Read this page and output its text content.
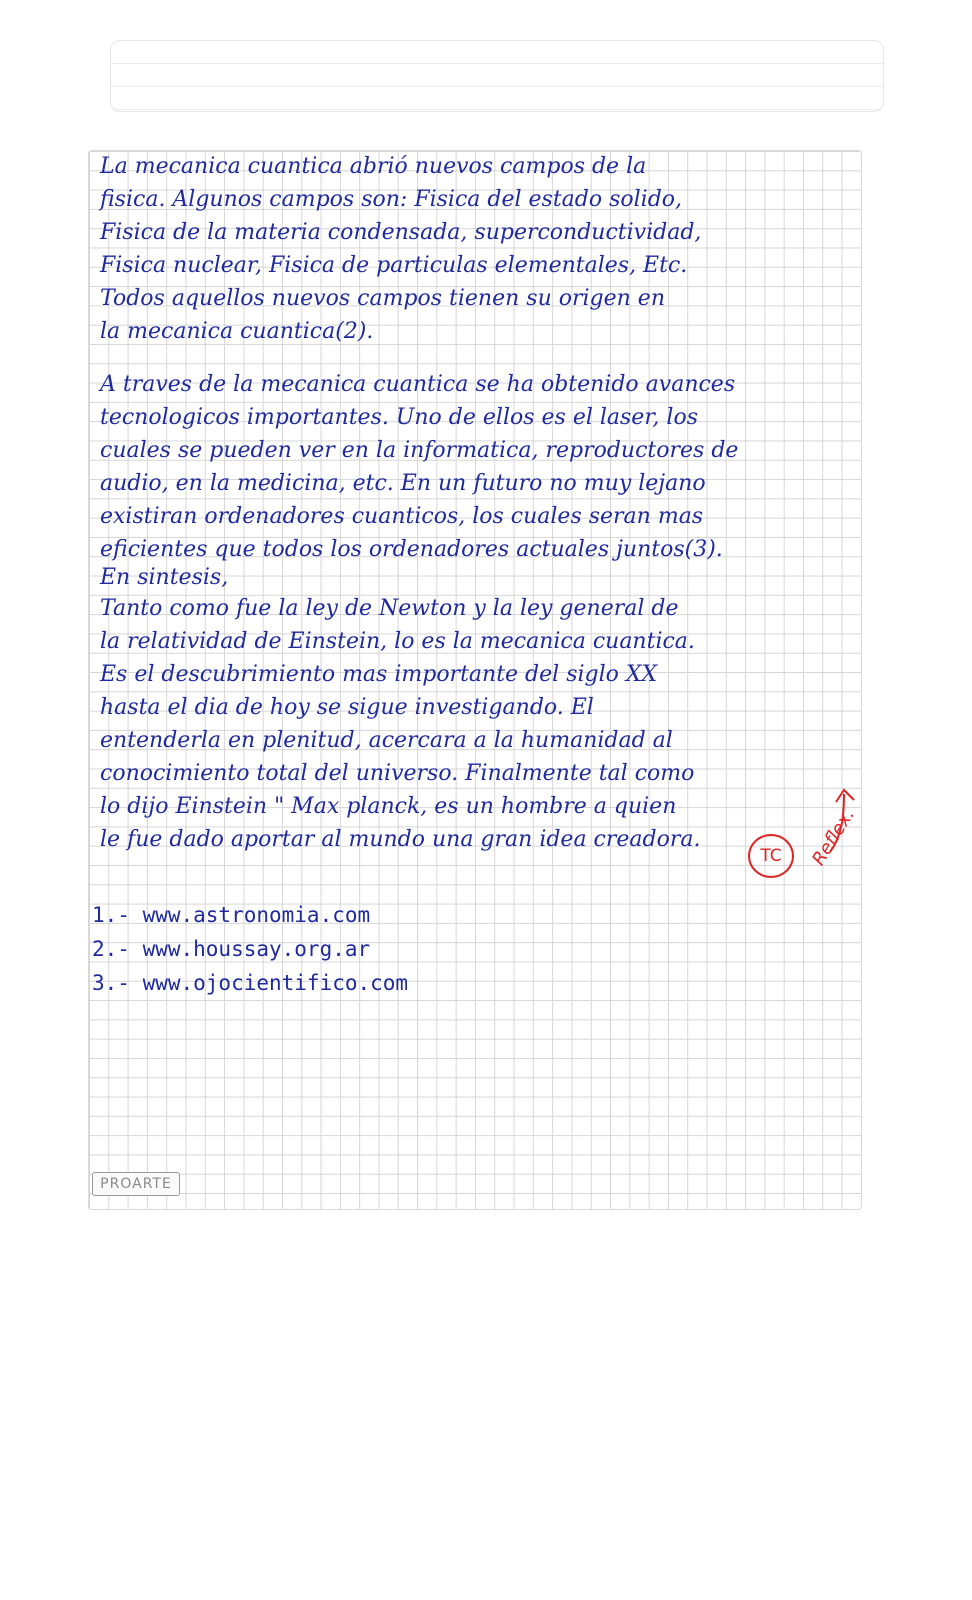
La mecanica cuantica abrió nuevos campos de la
fisica. Algunos campos son: Fisica del estado solido,
Fisica de la materia condensada, superconductividad,
Fisica nuclear, Fisica de particulas elementales, Etc.
Todos aquellos nuevos campos tienen su origen en
la mecanica cuantica(2).
A traves de la mecanica cuantica se ha obtenido avances
tecnologicos importantes. Uno de ellos es el laser, los
cuales se pueden ver en la informatica, reproductores de
audio, en la medicina, etc. En un futuro no muy lejano
existiran ordenadores cuanticos, los cuales seran mas
eficientes que todos los ordenadores actuales juntos(3).
En sintesis,
Tanto como fue la ley de Newton y la ley general de
la relatividad de Einstein, lo es la mecanica cuantica.
Es el descubrimiento mas importante del siglo XX
hasta el dia de hoy se sigue investigando. El
entenderla en plenitud, acercara a la humanidad al
conocimiento total del universo. Finalmente tal como
lo dijo Einstein " Max planck, es un hombre a quien
le fue dado aportar al mundo una gran idea creadora.
TC	Reflex.
1.- www.astronomia.com
2.- www.houssay.org.ar
3.- www.ojocientifico.com
PROARTE
